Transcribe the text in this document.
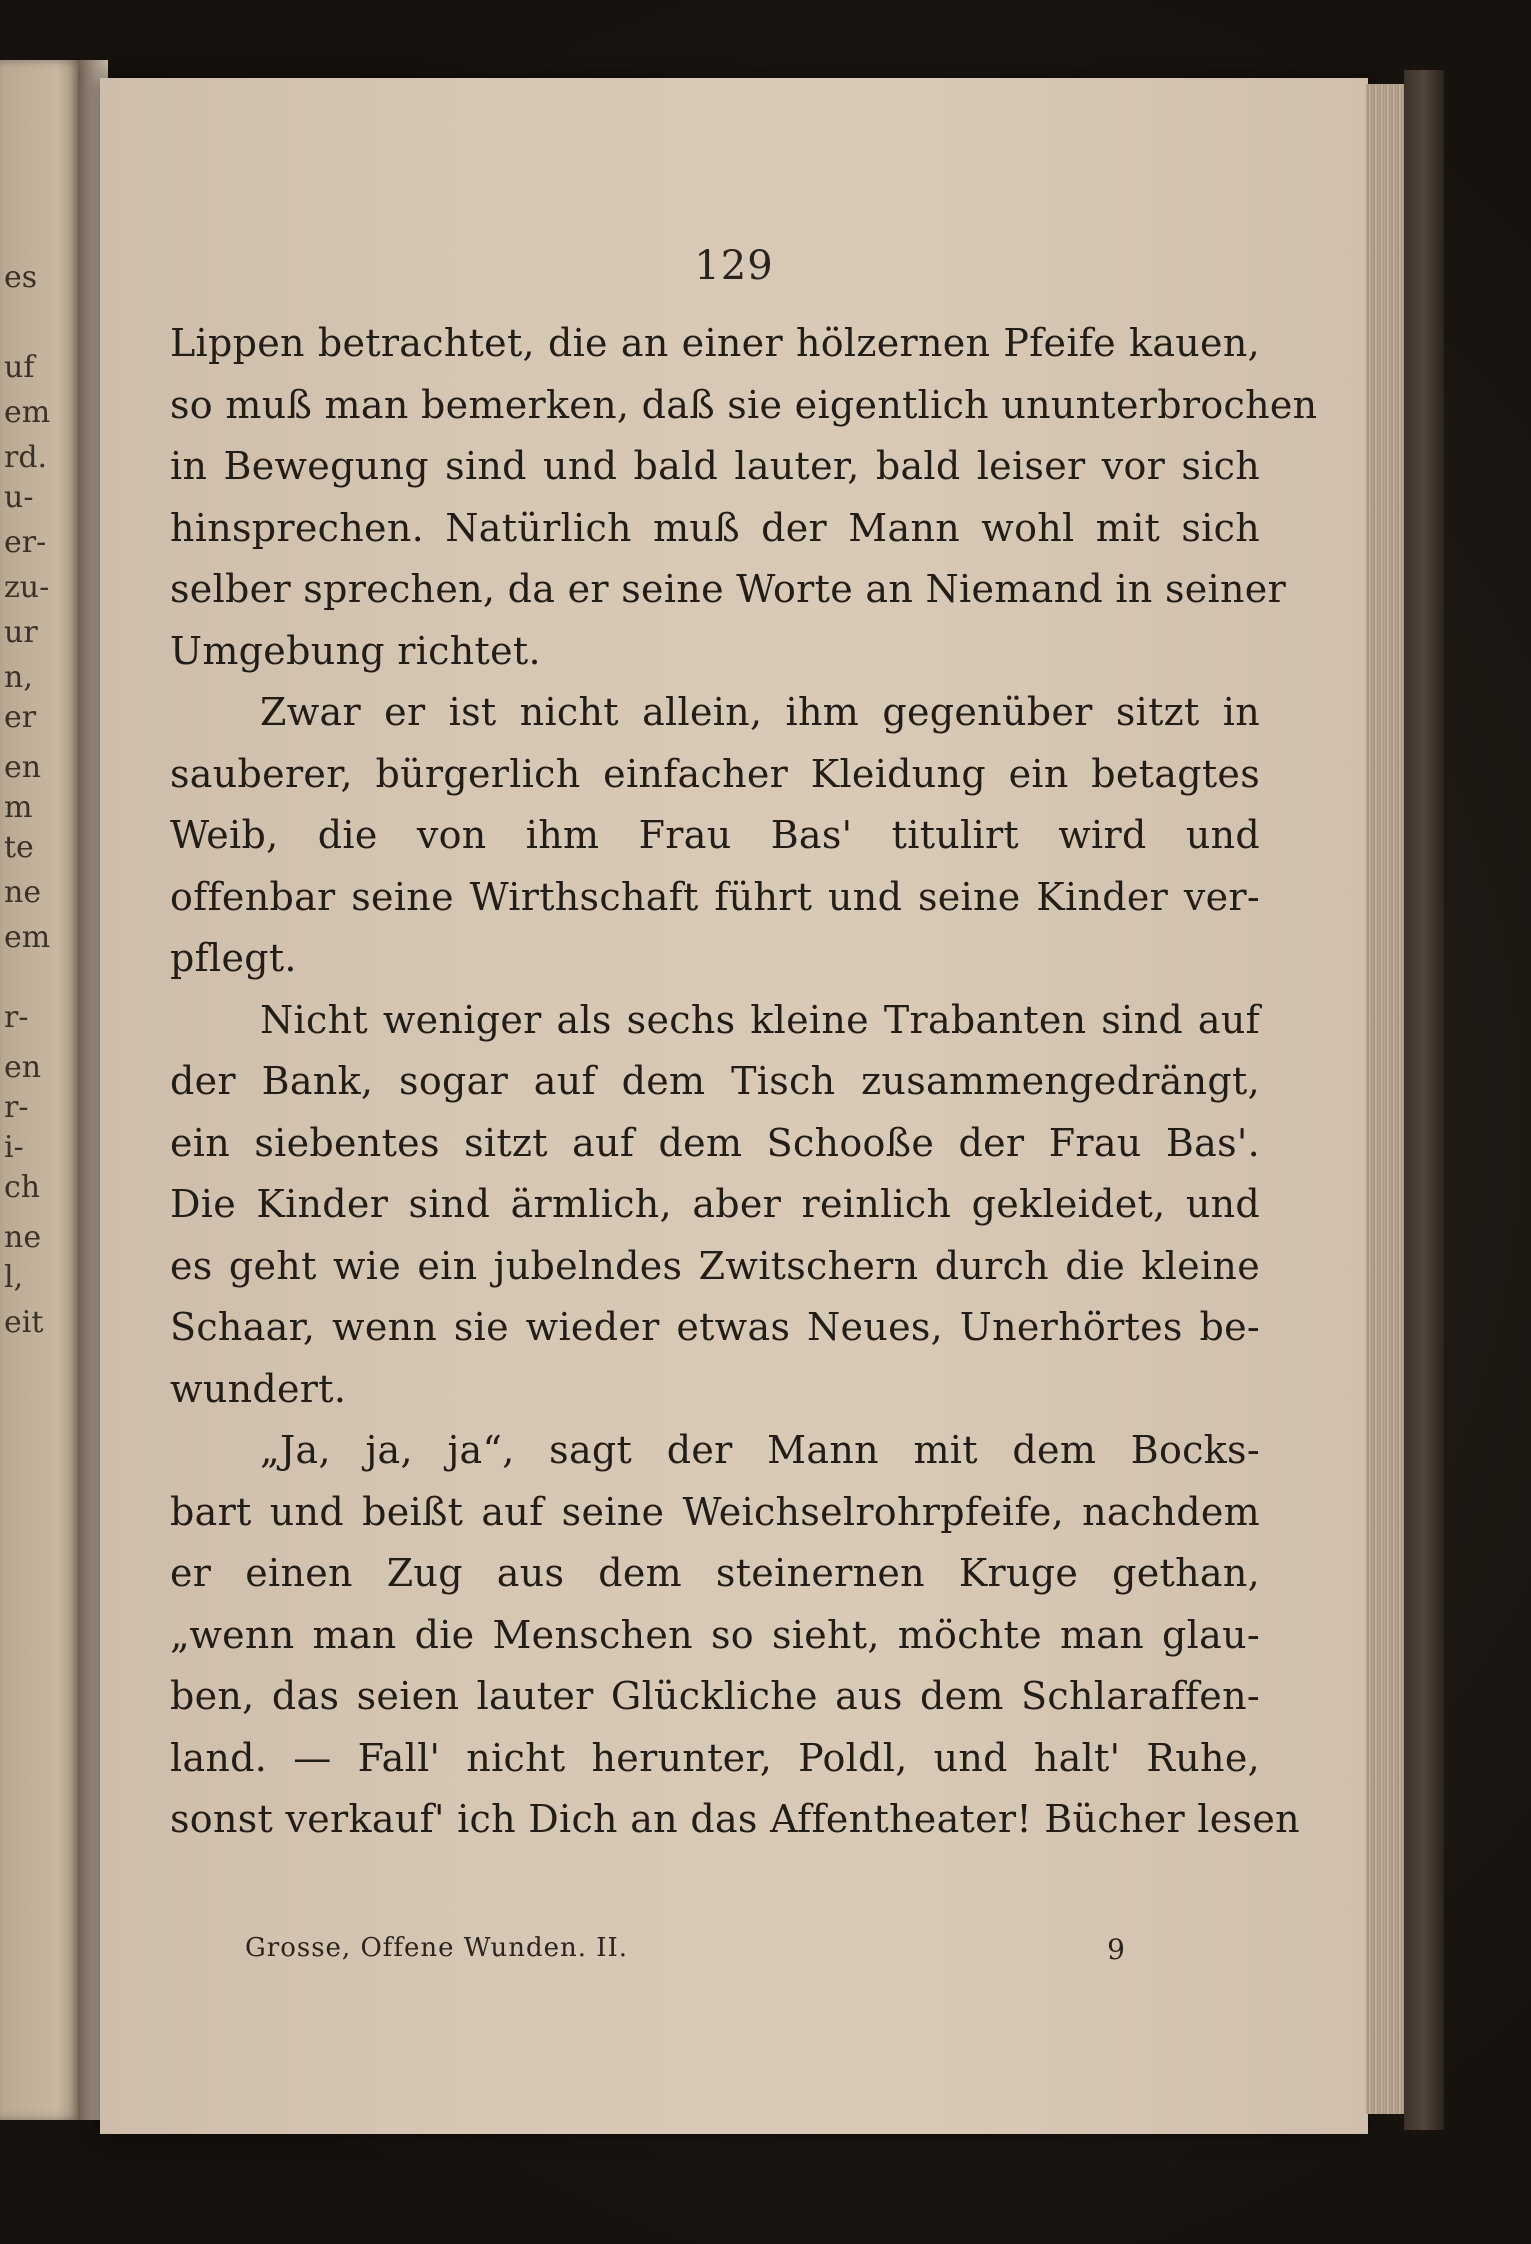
es
uf
em
rd.
u-
er-
zu-
ur
n,
er
en
m
te
ne
em
r-
en
r-
i-
ch
ne
l,
eit
129
Lippen betrachtet, die an einer hölzernen Pfeife kauen,
so muß man bemerken, daß sie eigentlich ununterbrochen
in Bewegung sind und bald lauter, bald leiser vor sich
hinsprechen. Natürlich muß der Mann wohl mit sich
selber sprechen, da er seine Worte an Niemand in seiner
Umgebung richtet.
Zwar er ist nicht allein, ihm gegenüber sitzt in
sauberer, bürgerlich einfacher Kleidung ein betagtes
Weib, die von ihm Frau Bas' titulirt wird und
offenbar seine Wirthschaft führt und seine Kinder ver-
pflegt.
Nicht weniger als sechs kleine Trabanten sind auf
der Bank, sogar auf dem Tisch zusammengedrängt,
ein siebentes sitzt auf dem Schooße der Frau Bas'.
Die Kinder sind ärmlich, aber reinlich gekleidet, und
es geht wie ein jubelndes Zwitschern durch die kleine
Schaar, wenn sie wieder etwas Neues, Unerhörtes be-
wundert.
„Ja, ja, ja“, sagt der Mann mit dem Bocks-
bart und beißt auf seine Weichselrohrpfeife, nachdem
er einen Zug aus dem steinernen Kruge gethan,
„wenn man die Menschen so sieht, möchte man glau-
ben, das seien lauter Glückliche aus dem Schlaraffen-
land. — Fall' nicht herunter, Poldl, und halt' Ruhe,
sonst verkauf' ich Dich an das Affentheater! Bücher lesen
Grosse, Offene Wunden. II.	9
